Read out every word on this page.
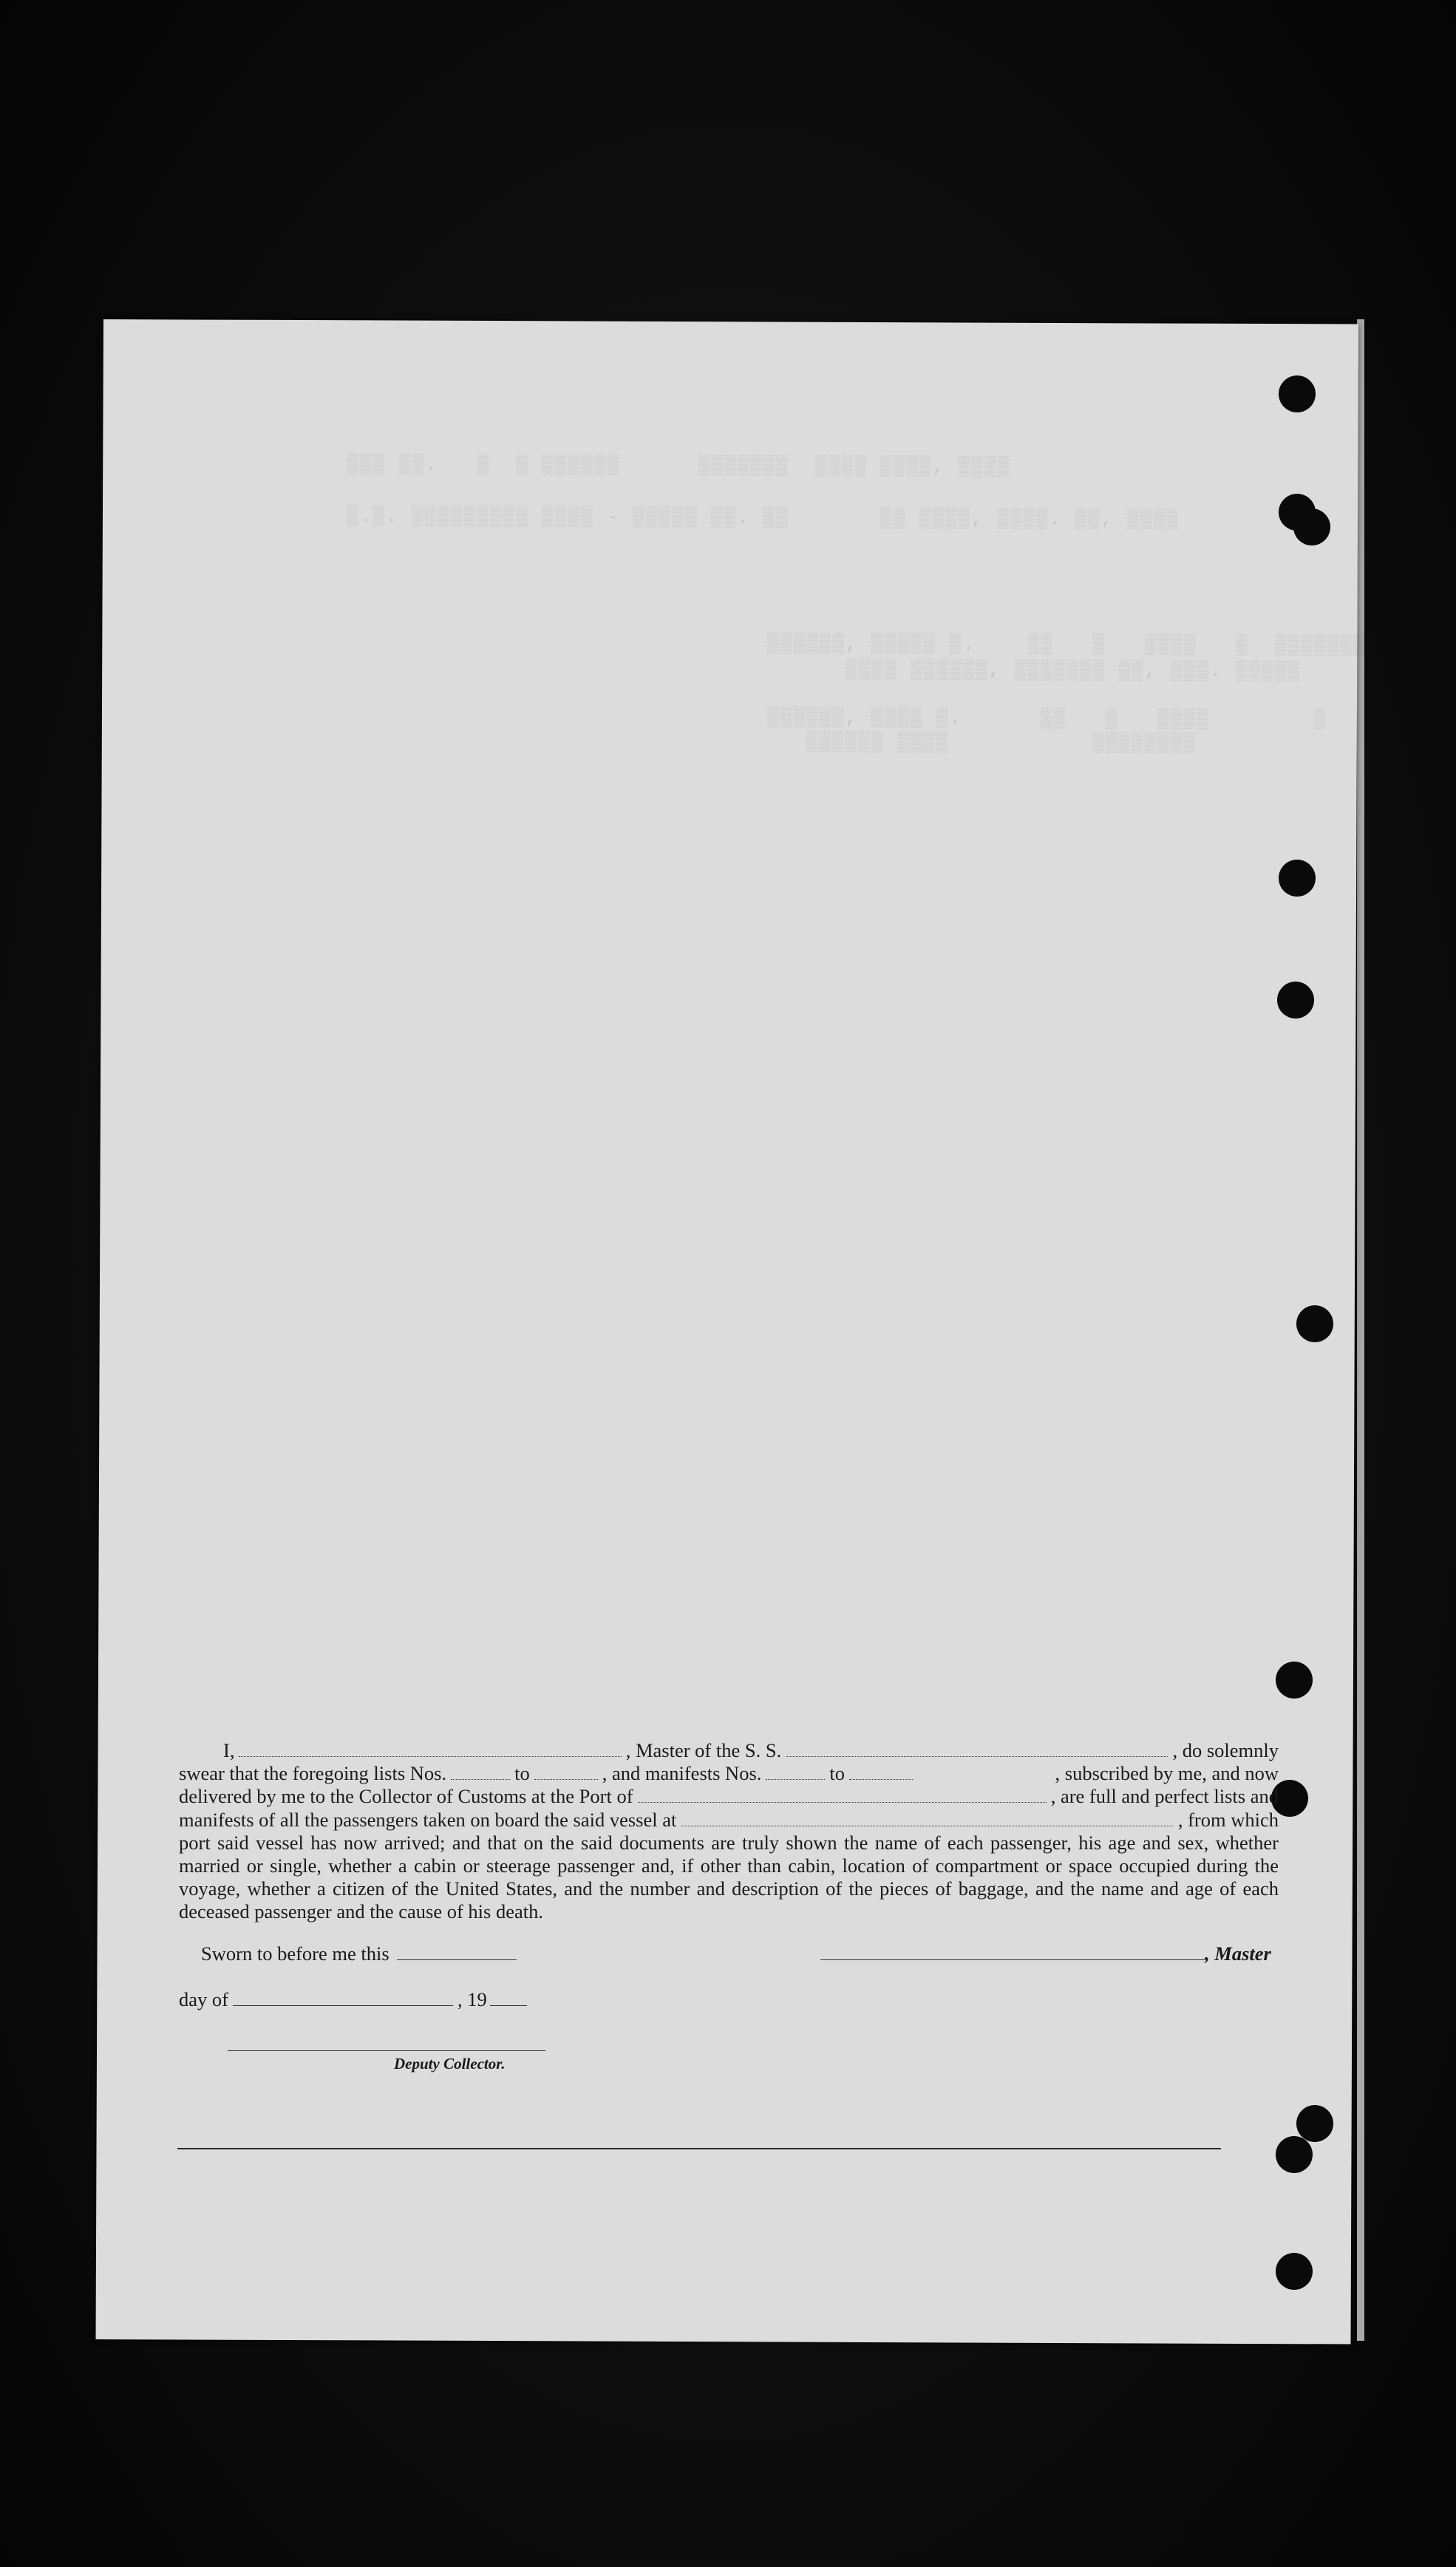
▒▒▒ ▒▒.   ▒  ▒ ▒▒▒▒▒▒      ▒▒▒▒▒▒▒  ▒▒▒▒ ▒▒▒▒, ▒▒▒▒
▒.▒. ▒▒▒▒▒▒▒▒▒ ▒▒▒▒ - ▒▒▒▒▒ ▒▒. ▒▒       ▒▒ ▒▒▒▒, ▒▒▒▒. ▒▒, ▒▒▒▒
▒▒▒▒▒▒, ▒▒▒▒▒ ▒.    ▒▒   ▒   ▒▒▒▒   ▒  ▒▒▒▒▒▒▒
▒▒▒▒ ▒▒▒▒▒▒, ▒▒▒▒▒▒▒ ▒▒, ▒▒▒. ▒▒▒▒▒
▒▒▒▒▒▒, ▒▒▒▒ ▒.      ▒▒   ▒   ▒▒▒▒        ▒
▒▒▒▒▒▒ ▒▒▒▒           ▒▒▒▒▒▒▒▒
I,	, Master of the S. S.	, do solemnly
swear that the foregoing lists Nos.	to	, and manifests Nos.	to	, subscribed by me, and now
delivered by me to the Collector of Customs at the Port of	, are full and perfect lists and
manifests of all the passengers taken on board the said vessel at	, from which
port said vessel has now arrived; and that on the said documents are truly shown the name of each passenger, his age and sex, whether married or single, whether a cabin or steerage passenger and, if other than cabin, location of compartment or space occupied during the voyage, whether a citizen of the United States, and the number and description of the pieces of baggage, and the name and age of each deceased passenger and the cause of his death.
Sworn to before me this	, Master
day of	, 19
Deputy Collector.
